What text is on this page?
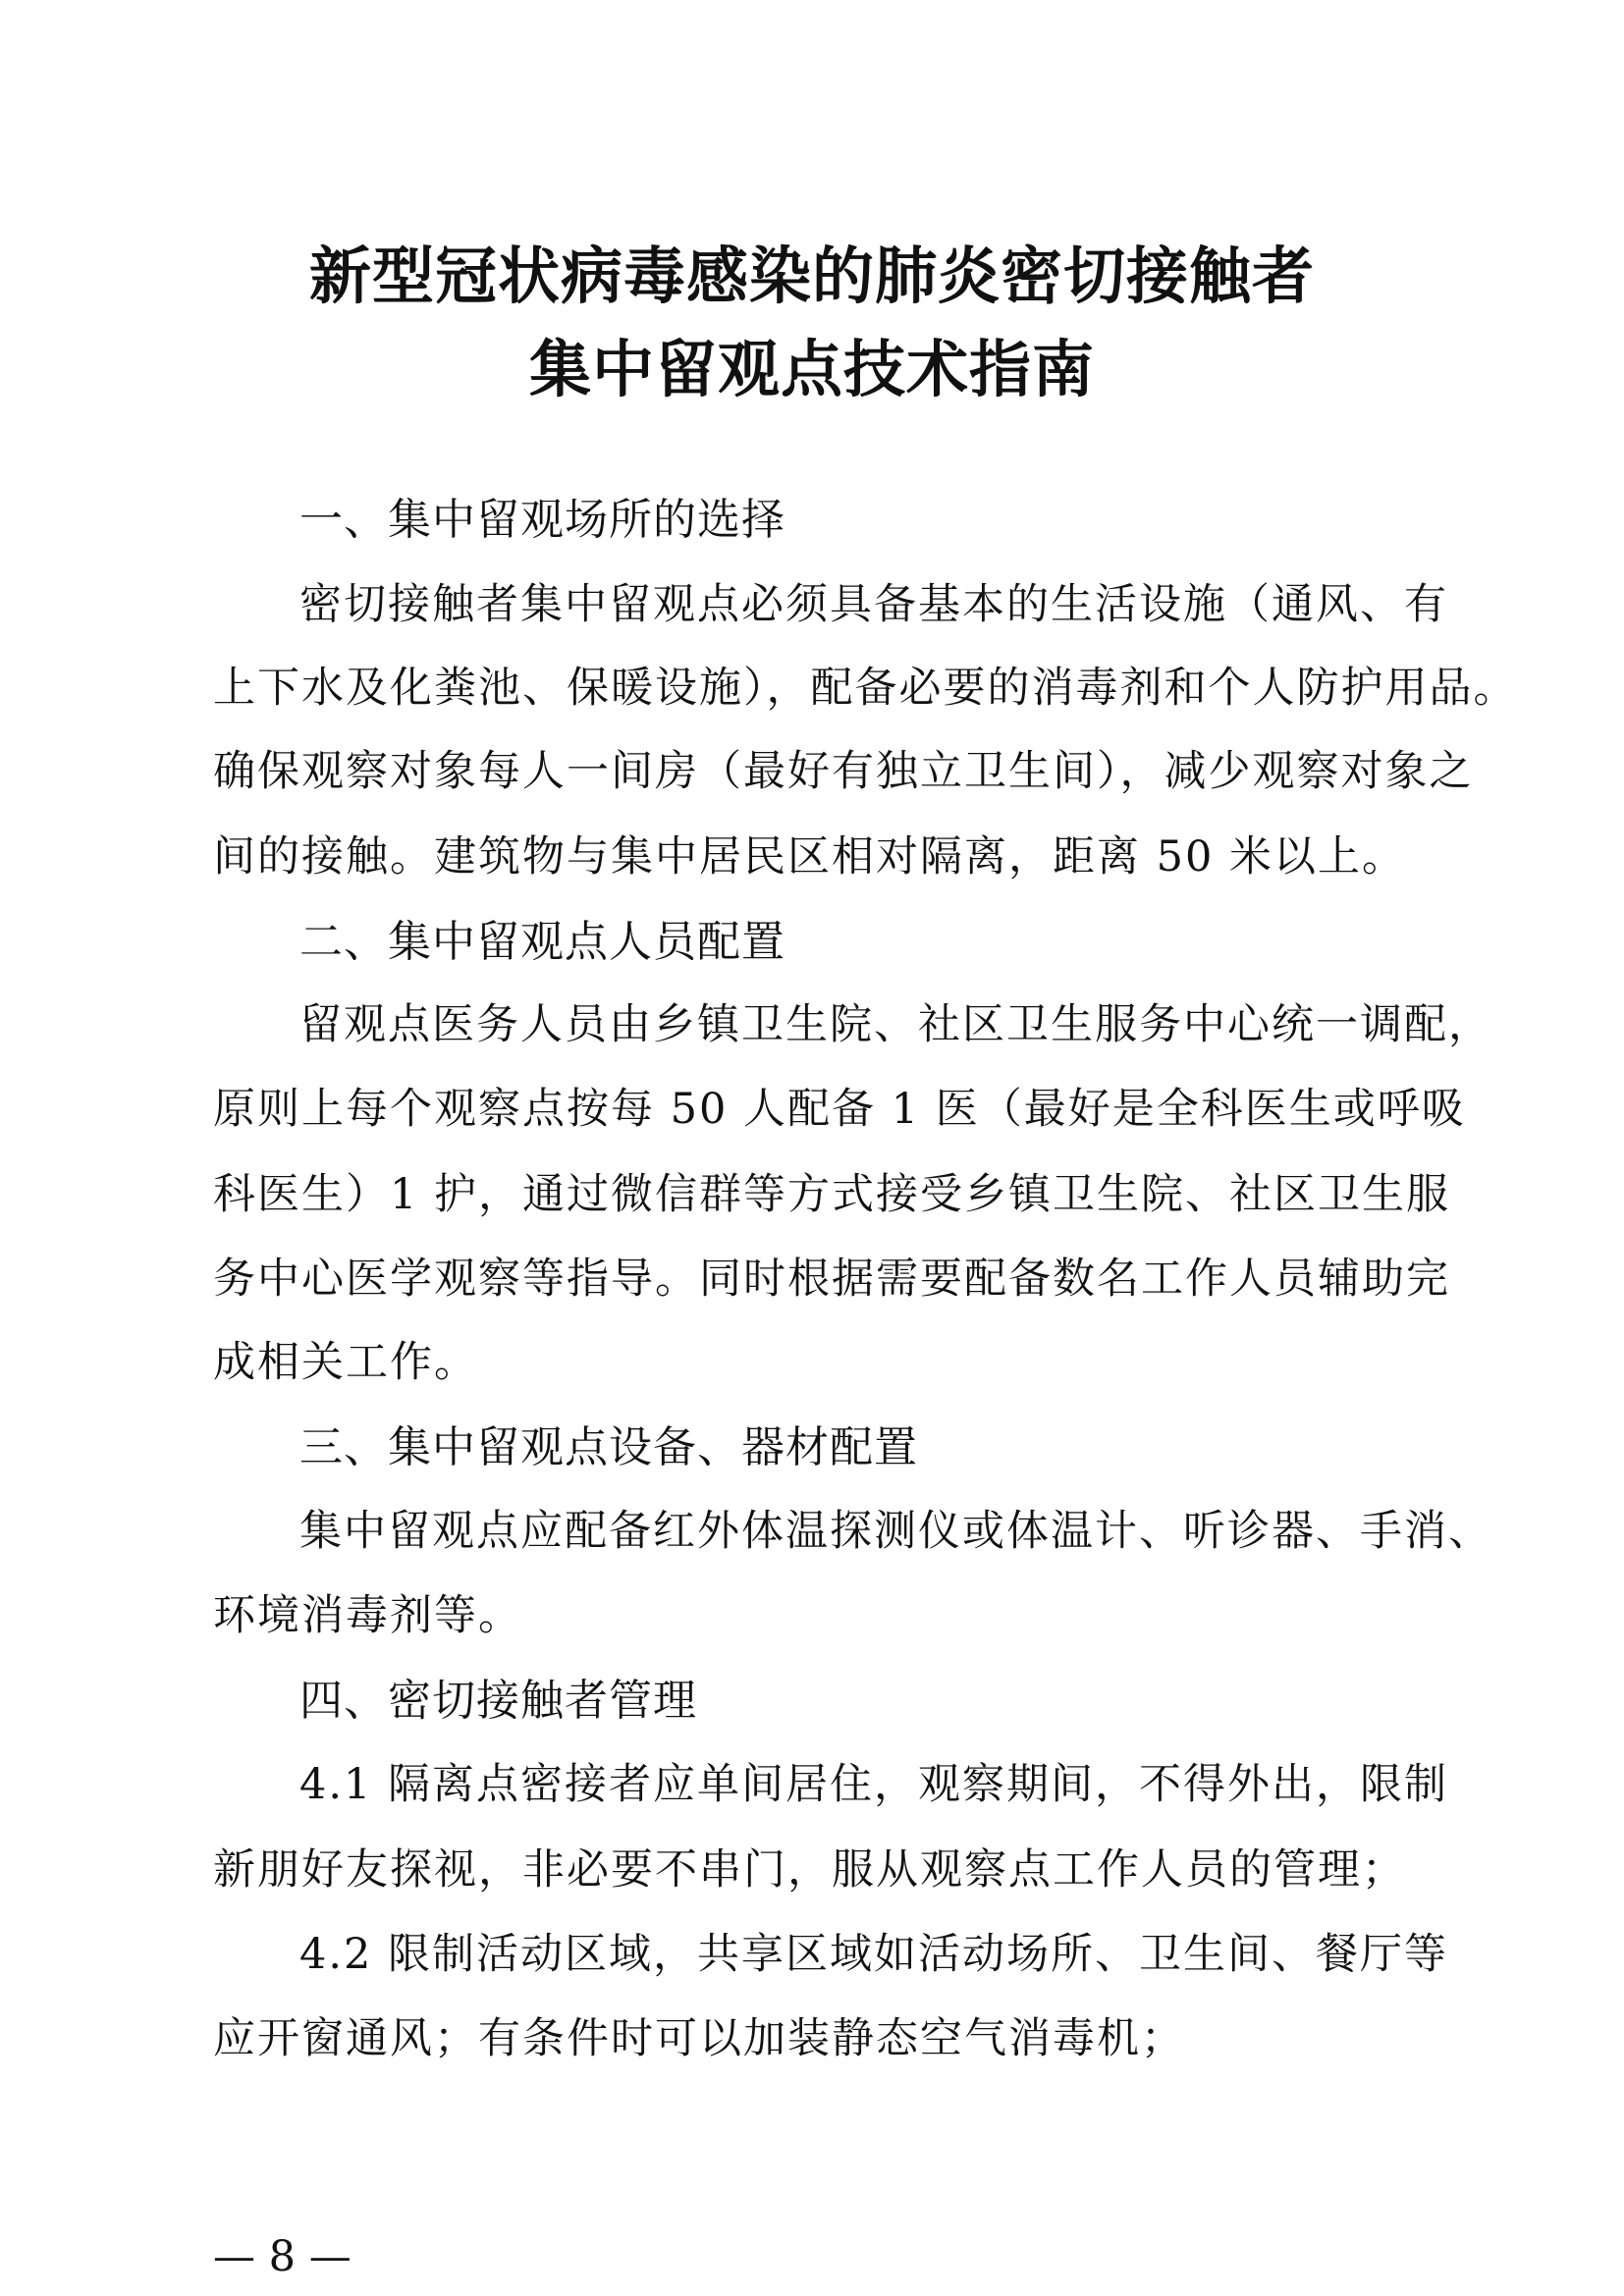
新型冠状病毒感染的肺炎密切接触者
集中留观点技术指南
一、集中留观场所的选择
密切接触者集中留观点必须具备基本的生活设施（通风、有
上下水及化粪池、保暖设施），配备必要的消毒剂和个人防护用品。
确保观察对象每人一间房（最好有独立卫生间），减少观察对象之
间的接触。建筑物与集中居民区相对隔离，距离 50 米以上。
二、集中留观点人员配置
留观点医务人员由乡镇卫生院、社区卫生服务中心统一调配，
原则上每个观察点按每 50 人配备 1 医（最好是全科医生或呼吸
科医生）1 护，通过微信群等方式接受乡镇卫生院、社区卫生服
务中心医学观察等指导。同时根据需要配备数名工作人员辅助完
成相关工作。
三、集中留观点设备、器材配置
集中留观点应配备红外体温探测仪或体温计、听诊器、手消、
环境消毒剂等。
四、密切接触者管理
4.1 隔离点密接者应单间居住，观察期间，不得外出，限制
新朋好友探视，非必要不串门，服从观察点工作人员的管理；
4.2 限制活动区域，共享区域如活动场所、卫生间、餐厅等
应开窗通风；有条件时可以加装静态空气消毒机；
— 8 —
